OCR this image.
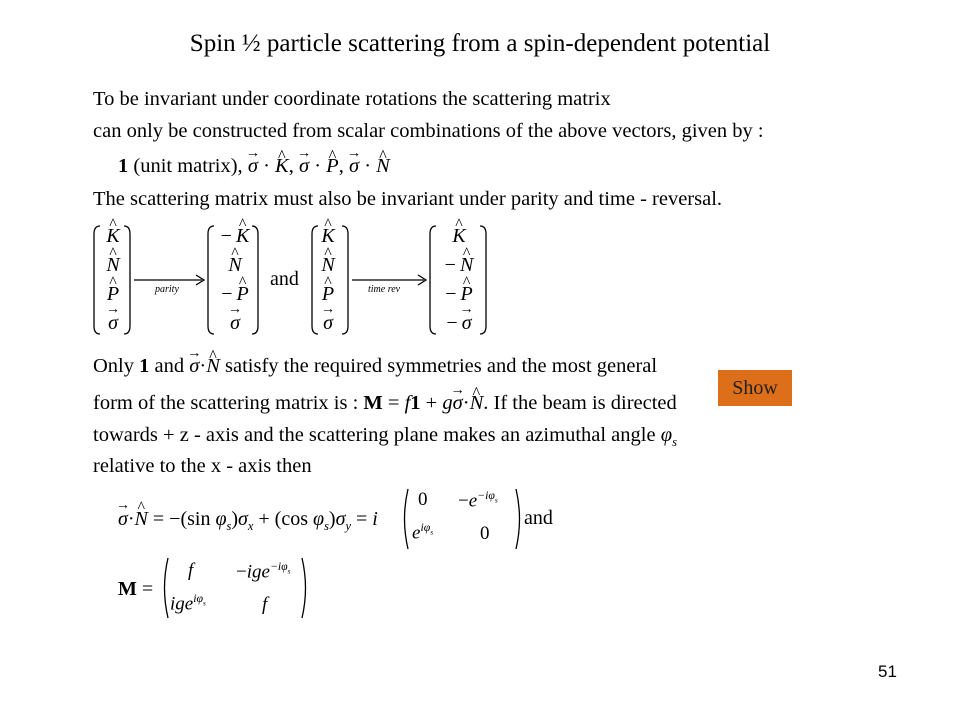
Spin ½ particle scattering from a spin-dependent potential
To be invariant under coordinate rotations the scattering matrix
can only be constructed from scalar combinations of the above vectors, given by :
1 (unit matrix), → σ · ^ K, → σ · ^ P, → σ · ^ N
The scattering matrix must also be invariant under parity and time - reversal.
^ K
^ N
^ P
→ σ
parity
− ^ K
^ N
− ^ P
→ σ
and
^ K
^ N
^ P
→ σ
time rev
^ K
− ^ N
− ^ P
− → σ
Only 1 and → σ·^ N satisfy the required symmetries and the most general
form of the scattering matrix is : M = f1 + g→ σ·^ N. If the beam is directed
Show
towards + z - axis and the scattering plane makes an azimuthal angle $\varphi_s$
relative to the x - axis then
→ σ·^ N = −(sin $\varphi_s)\sigma_x + (\cos$ $\varphi_s)\sigma_y = i$
$0 -e^{-i\varphi_s}$
$e^{i\varphi_s}$ 0
and
M =
f −ige$^{-i\varphi_s}$
ige$^{i\varphi_s}$	f
51
